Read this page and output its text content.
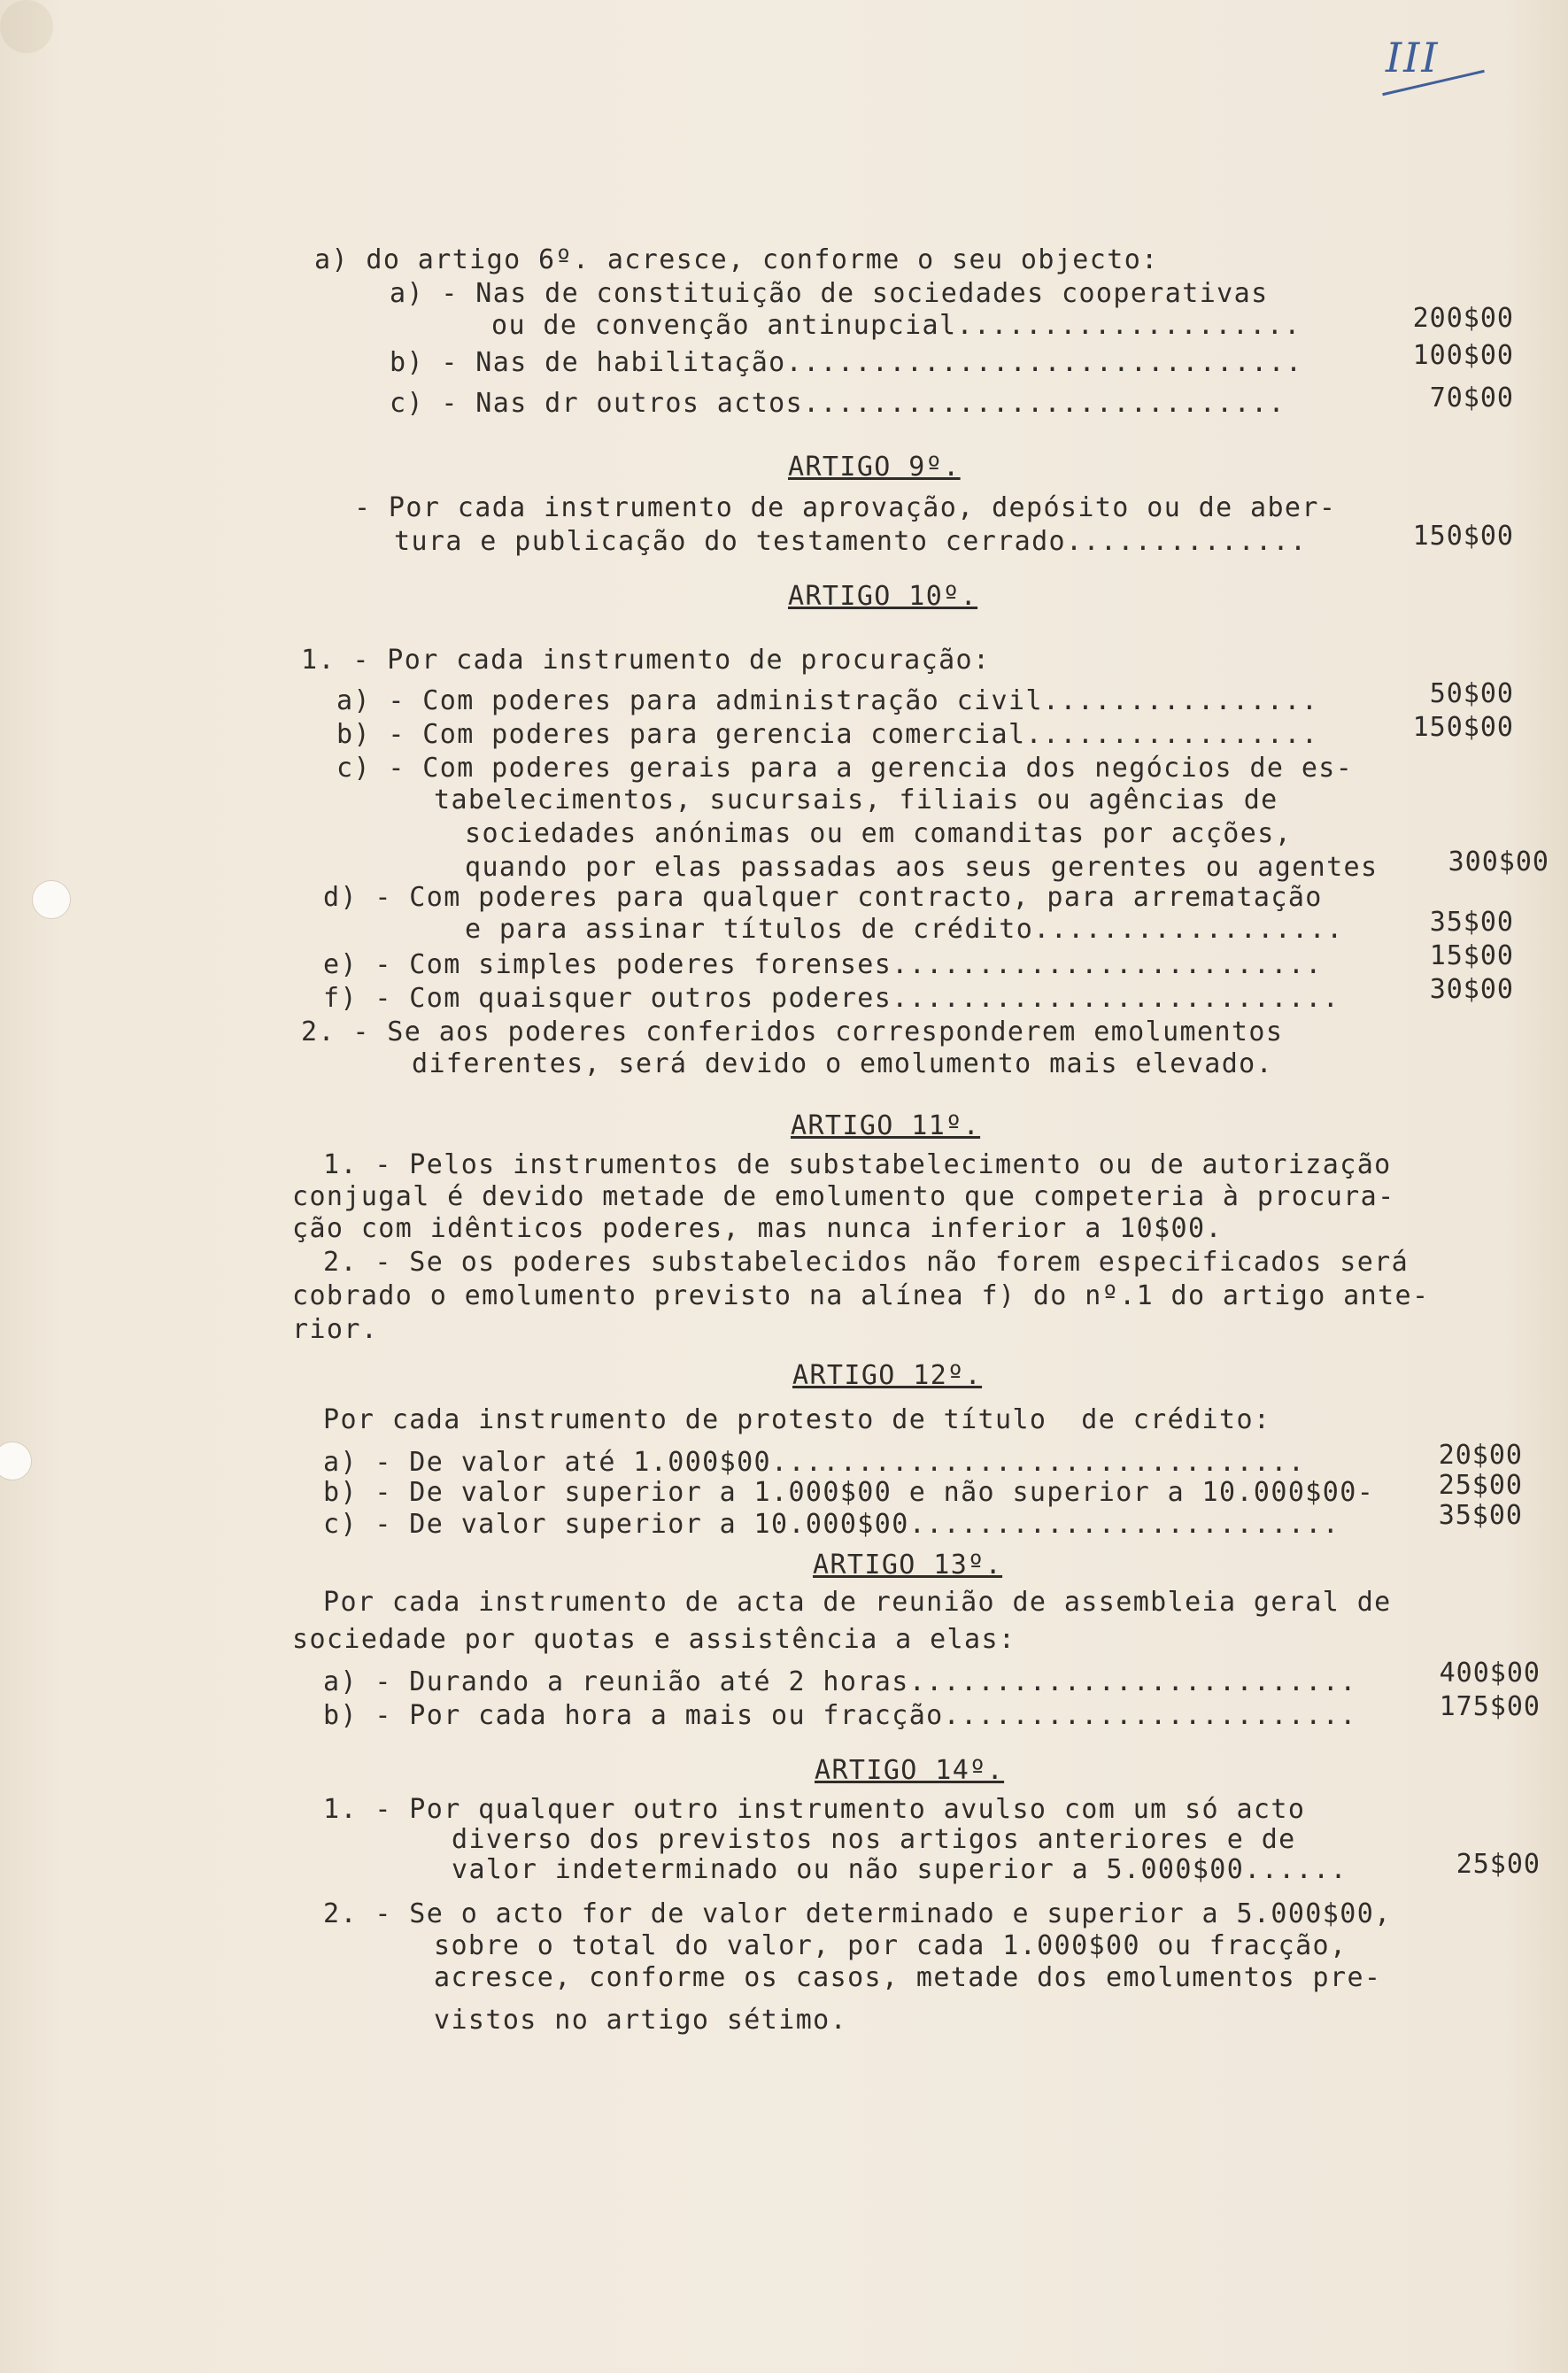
III
a) do artigo 6º. acresce, conforme o seu objecto:
a) - Nas de constituição de sociedades cooperativas
ou de convenção antinupcial....................	200$00
b) - Nas de habilitação..............................	100$00
c) - Nas dr outros actos............................	70$00
ARTIGO 9º.
- Por cada instrumento de aprovação, depósito ou de aber-
tura e publicação do testamento cerrado..............	150$00
ARTIGO 10º.
1. - Por cada instrumento de procuração:
a) - Com poderes para administração civil................	50$00
b) - Com poderes para gerencia comercial.................	150$00
c) - Com poderes gerais para a gerencia dos negócios de es-
tabelecimentos, sucursais, filiais ou agências de
sociedades anónimas ou em comanditas por acções,
quando por elas passadas aos seus gerentes ou agentes	300$00
d) - Com poderes para qualquer contracto, para arrematação
e para assinar títulos de crédito..................	35$00
e) - Com simples poderes forenses.........................	15$00
f) - Com quaisquer outros poderes..........................	30$00
2. - Se aos poderes conferidos corresponderem emolumentos
diferentes, será devido o emolumento mais elevado.
ARTIGO 11º.
1. - Pelos instrumentos de substabelecimento ou de autorização
conjugal é devido metade de emolumento que competeria à procura-
ção com idênticos poderes, mas nunca inferior a 10$00.
2. - Se os poderes substabelecidos não forem especificados será
cobrado o emolumento previsto na alínea f) do nº.1 do artigo ante-
rior.
ARTIGO 12º.
Por cada instrumento de protesto de título  de crédito:
a) - De valor até 1.000$00...............................	20$00
b) - De valor superior a 1.000$00 e não superior a 10.000$00-	25$00
c) - De valor superior a 10.000$00.........................	35$00
ARTIGO 13º.
Por cada instrumento de acta de reunião de assembleia geral de
sociedade por quotas e assistência a elas:
a) - Durando a reunião até 2 horas..........................	400$00
b) - Por cada hora a mais ou fracção........................	175$00
ARTIGO 14º.
1. - Por qualquer outro instrumento avulso com um só acto
diverso dos previstos nos artigos anteriores e de
valor indeterminado ou não superior a 5.000$00......	25$00
2. - Se o acto for de valor determinado e superior a 5.000$00,
sobre o total do valor, por cada 1.000$00 ou fracção,
acresce, conforme os casos, metade dos emolumentos pre-
vistos no artigo sétimo.
